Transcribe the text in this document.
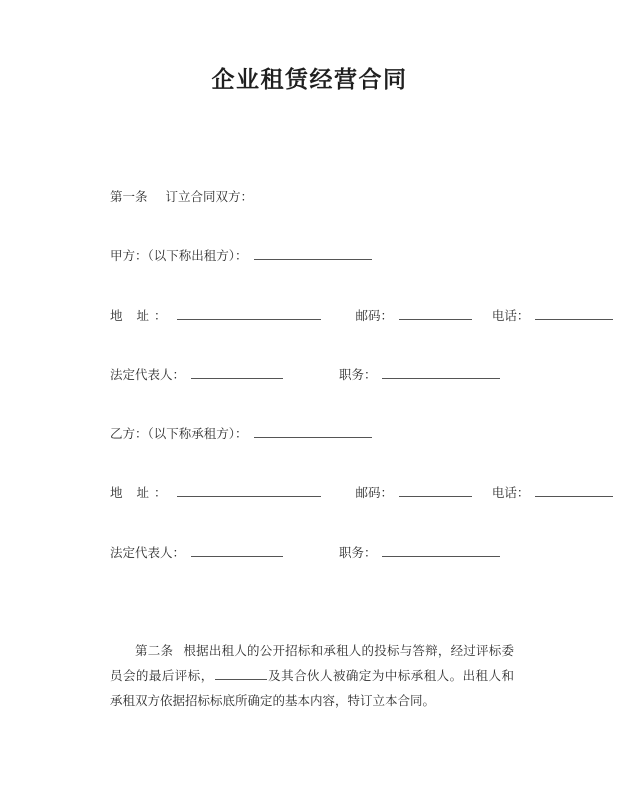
企业租赁经营合同
第一条 订立合同双方：
甲方：（以下称出租方）：
地 址：	邮码：	电话：
法定代表人：	职务：
乙方：（以下称承租方）：
地 址：	邮码：	电话：
法定代表人：	职务：

第二条 根据出租人的公开招标和承租人的投标与答辩，经过评标委员会的最后评标，	及其合伙人被确定为中标承租人。出租人和承租双方依据招标标底所确定的基本内容，特订立本合同。
